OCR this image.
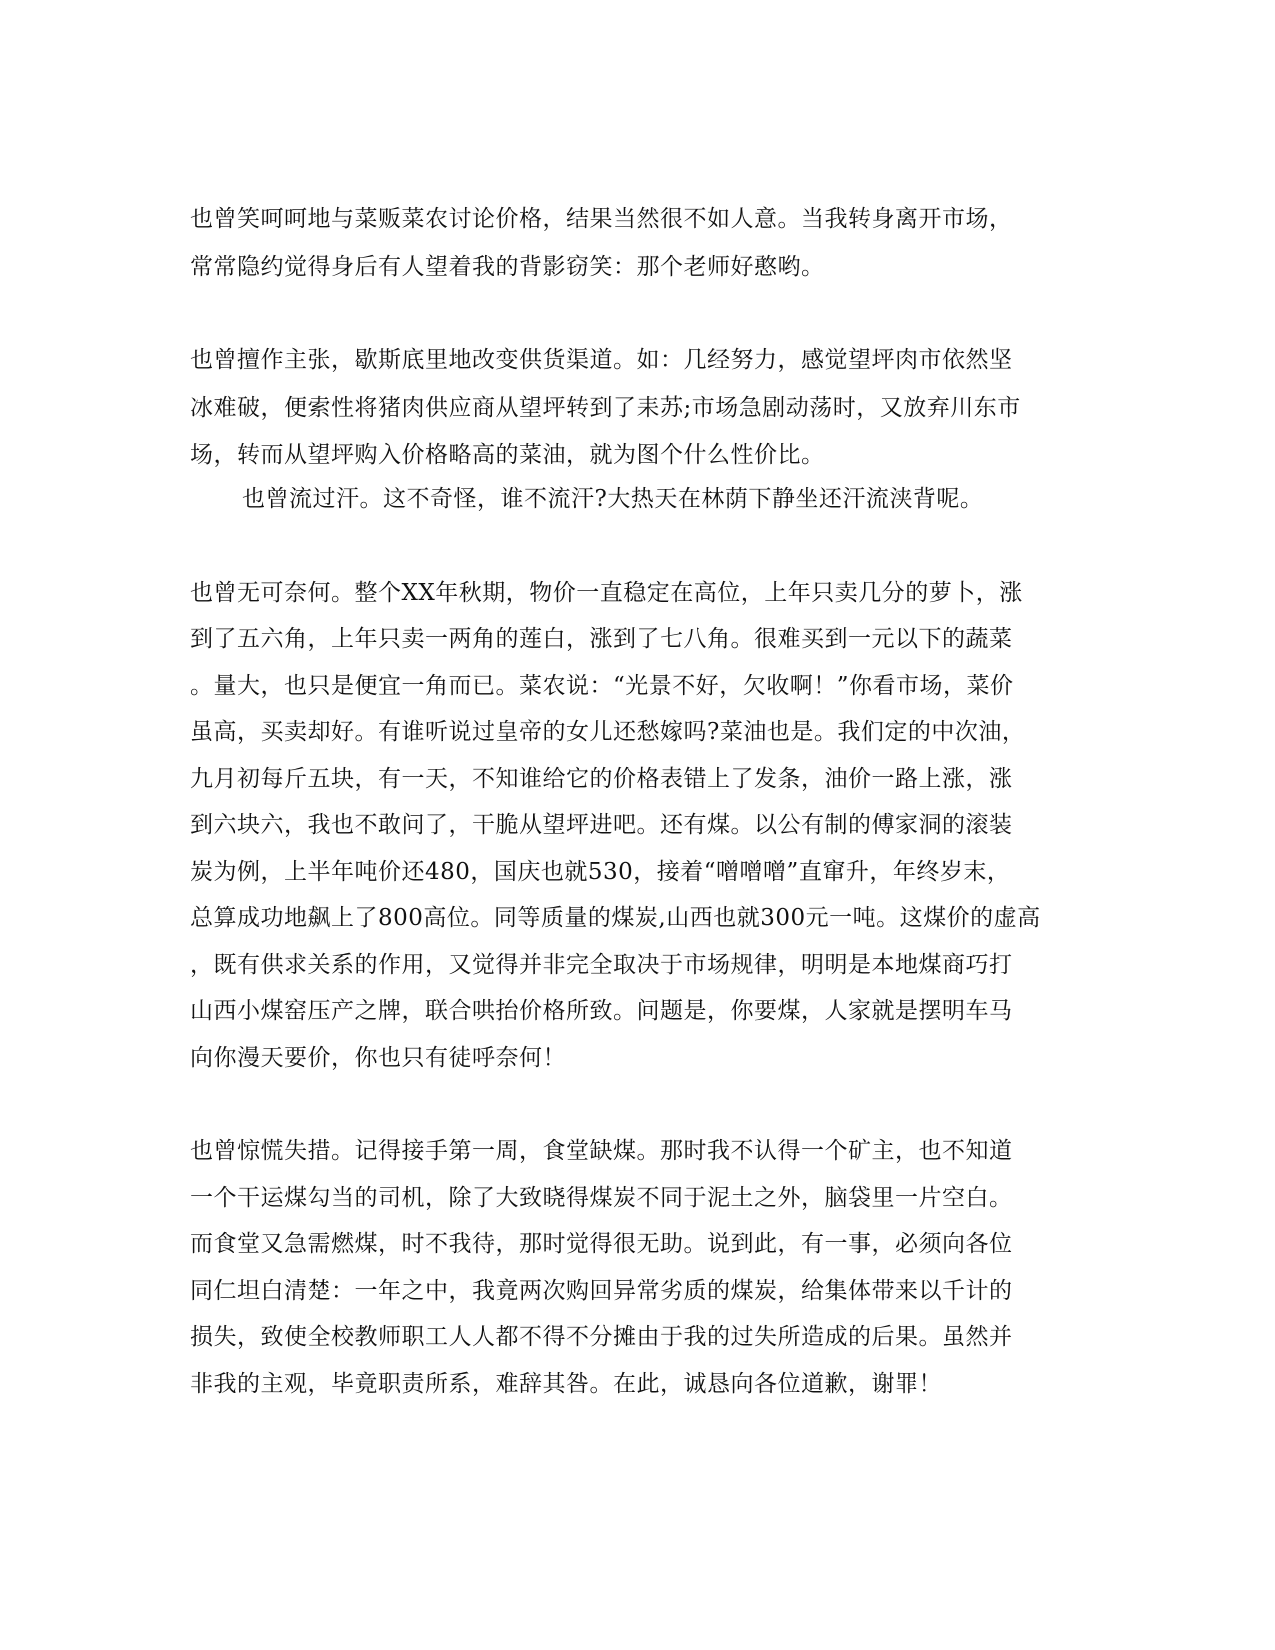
也曾笑呵呵地与菜贩菜农讨论价格，结果当然很不如人意。当我转身离开市场，
常常隐约觉得身后有人望着我的背影窃笑：那个老师好憨哟。
也曾擅作主张，歇斯底里地改变供货渠道。如：几经努力，感觉望坪肉市依然坚
冰难破，便索性将猪肉供应商从望坪转到了耒苏;市场急剧动荡时，又放弃川东市
场，转而从望坪购入价格略高的菜油，就为图个什么性价比。
也曾流过汗。这不奇怪，谁不流汗?大热天在林荫下静坐还汗流浃背呢。
也曾无可奈何。整个XX年秋期，物价一直稳定在高位，上年只卖几分的萝卜，涨
到了五六角，上年只卖一两角的莲白，涨到了七八角。很难买到一元以下的蔬菜
。量大，也只是便宜一角而已。菜农说：“光景不好，欠收啊！”你看市场，菜价
虽高，买卖却好。有谁听说过皇帝的女儿还愁嫁吗?菜油也是。我们定的中次油，
九月初每斤五块，有一天，不知谁给它的价格表错上了发条，油价一路上涨，涨
到六块六，我也不敢问了，干脆从望坪进吧。还有煤。以公有制的傅家洞的滚装
炭为例，上半年吨价还480，国庆也就530，接着“噌噌噌”直窜升，年终岁末，
总算成功地飙上了800高位。同等质量的煤炭,山西也就300元一吨。这煤价的虚高
，既有供求关系的作用，又觉得并非完全取决于市场规律，明明是本地煤商巧打
山西小煤窑压产之牌，联合哄抬价格所致。问题是，你要煤，人家就是摆明车马
向你漫天要价，你也只有徒呼奈何！
也曾惊慌失措。记得接手第一周，食堂缺煤。那时我不认得一个矿主，也不知道
一个干运煤勾当的司机，除了大致晓得煤炭不同于泥土之外，脑袋里一片空白。
而食堂又急需燃煤，时不我待，那时觉得很无助。说到此，有一事，必须向各位
同仁坦白清楚：一年之中，我竟两次购回异常劣质的煤炭，给集体带来以千计的
损失，致使全校教师职工人人都不得不分摊由于我的过失所造成的后果。虽然并
非我的主观，毕竟职责所系，难辞其咎。在此，诚恳向各位道歉，谢罪！
